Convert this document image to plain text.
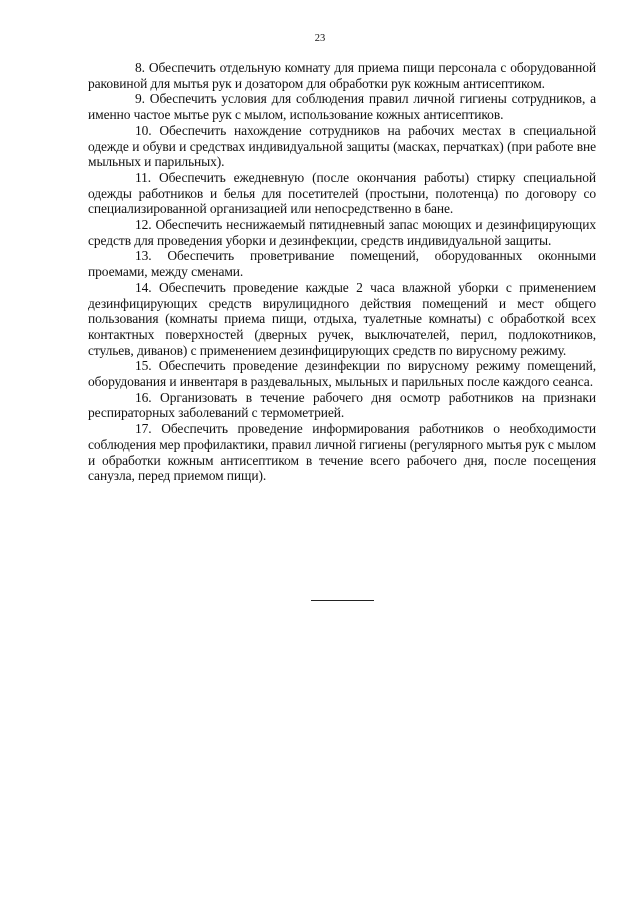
23

8. Обеспечить отдельную комнату для приема пищи персонала с оборудованной раковиной для мытья рук и дозатором для обработки рук кожным антисептиком.

9. Обеспечить условия для соблюдения правил личной гигиены сотрудников, а именно частое мытье рук с мылом, использование кожных антисептиков.

10. Обеспечить нахождение сотрудников на рабочих местах в специальной одежде и обуви и средствах индивидуальной защиты (масках, перчатках) (при работе вне мыльных и парильных).

11. Обеспечить ежедневную (после окончания работы) стирку специальной одежды работников и белья для посетителей (простыни, полотенца) по договору со специализированной организацией или непосредственно в бане.

12. Обеспечить неснижаемый пятидневный запас моющих и дезинфицирующих средств для проведения уборки и дезинфекции, средств индивидуальной защиты.

13. Обеспечить проветривание помещений, оборудованных оконными проемами, между сменами.

14. Обеспечить проведение каждые 2 часа влажной уборки с применением дезинфицирующих средств вирулицидного действия помещений и мест общего пользования (комнаты приема пищи, отдыха, туалетные комнаты) с обработкой всех контактных поверхностей (дверных ручек, выключателей, перил, подлокотников, стульев, диванов) с применением дезинфицирующих средств по вирусному режиму.

15. Обеспечить проведение дезинфекции по вирусному режиму помещений, оборудования и инвентаря в раздевальных, мыльных и парильных после каждого сеанса.

16. Организовать в течение рабочего дня осмотр работников на признаки респираторных заболеваний с термометрией.

17. Обеспечить проведение информирования работников о необходимости соблюдения мер профилактики, правил личной гигиены (регулярного мытья рук с мылом и обработки кожным антисептиком в течение всего рабочего дня, после посещения санузла, перед приемом пищи).
